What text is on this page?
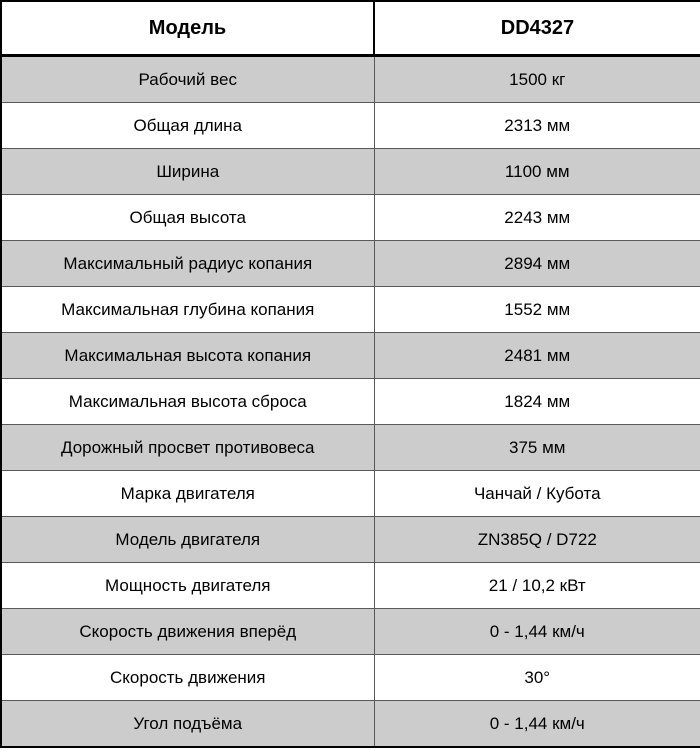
Модель	DD4327
Рабочий вес	1500 кг
Общая длина	2313 мм
Ширина	1100 мм
Общая высота	2243 мм
Максимальный радиус копания	2894 мм
Максимальная глубина копания	1552 мм
Максимальная высота копания	2481 мм
Максимальная высота сброса	1824 мм
Дорожный просвет противовеса	375 мм
Марка двигателя	Чанчай / Кубота
Модель двигателя	ZN385Q / D722
Мощность двигателя	21 / 10,2 кВт
Скорость движения вперёд	0 - 1,44 км/ч
Скорость движения	30°
Угол подъёма	0 - 1,44 км/ч
